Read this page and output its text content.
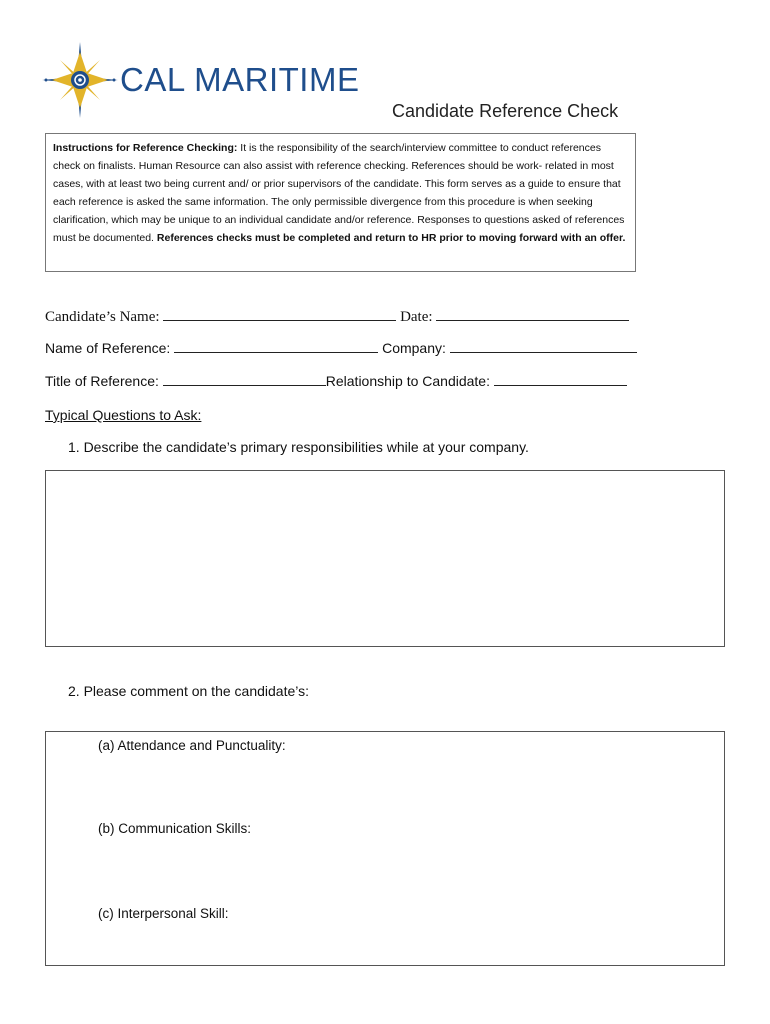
CAL MARITIME
Candidate Reference Check
Instructions for Reference Checking: It is the responsibility of the search/interview committee to conduct references check on finalists. Human Resource can also assist with reference checking. References should be work- related in most cases, with at least two being current and/ or prior supervisors of the candidate. This form serves as a guide to ensure that each reference is asked the same information. The only permissible divergence from this procedure is when seeking clarification, which may be unique to an individual candidate and/or reference. Responses to questions asked of references must be documented. References checks must be completed and return to HR prior to moving forward with an offer.
Candidate’s Name:	Date:
Name of Reference:	Company:
Title of Reference:	Relationship to Candidate:
Typical Questions to Ask:
1. Describe the candidate’s primary responsibilities while at your company.
2. Please comment on the candidate’s:
(a) Attendance and Punctuality:
(b) Communication Skills:
(c) Interpersonal Skill:
